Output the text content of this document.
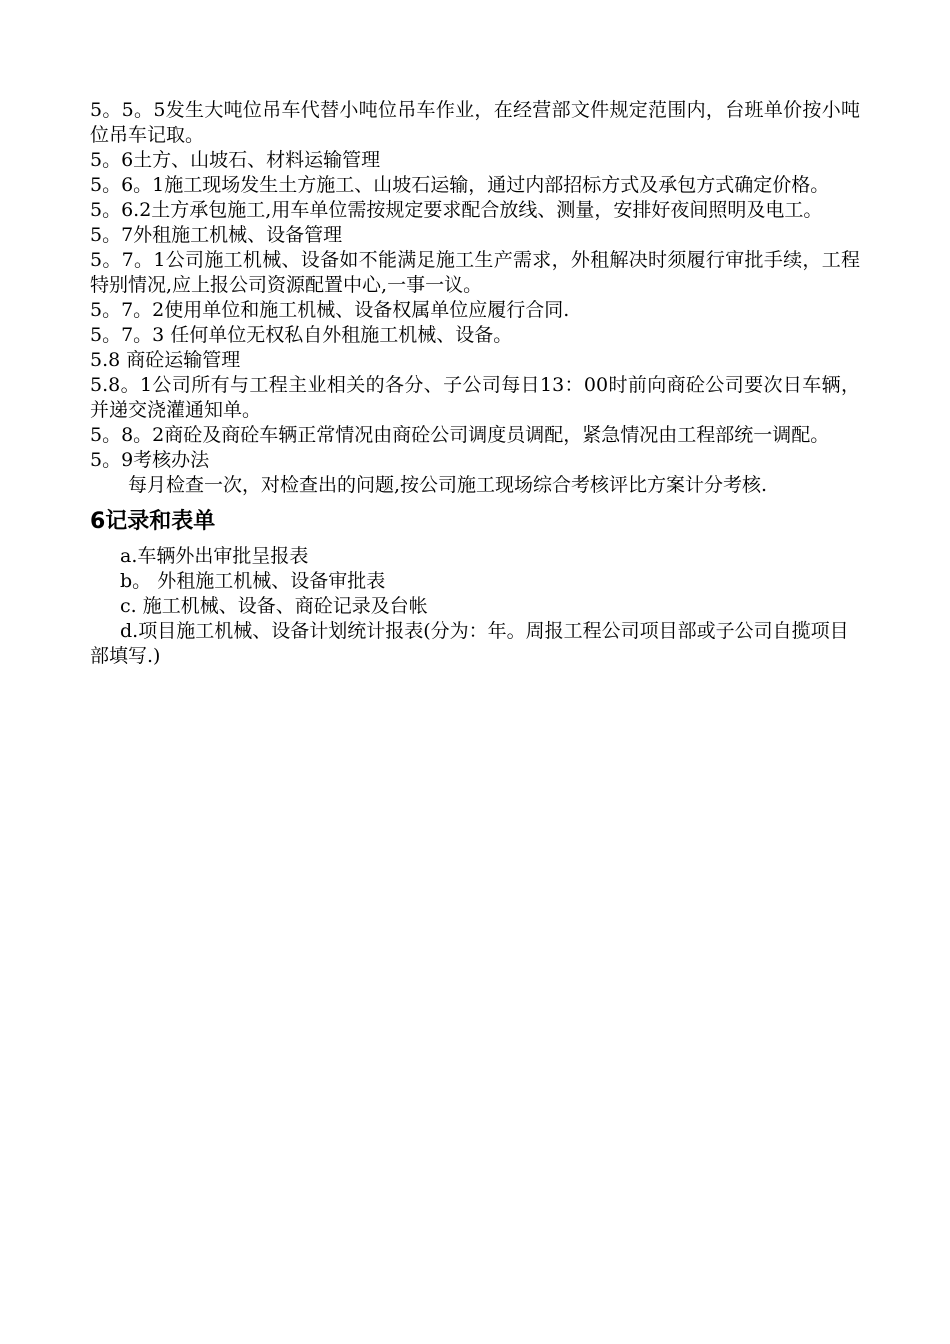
5。5。5发生大吨位吊车代替小吨位吊车作业，在经营部文件规定范围内，台班单价按小吨位吊车记取。

5。6土方、山坡石、材料运输管理

5。6。1施工现场发生土方施工、山坡石运输，通过内部招标方式及承包方式确定价格。

5。6.2土方承包施工,用车单位需按规定要求配合放线、测量，安排好夜间照明及电工。

5。7外租施工机械、设备管理

5。7。1公司施工机械、设备如不能满足施工生产需求，外租解决时须履行审批手续，工程特别情况,应上报公司资源配置中心,一事一议。

5。7。2使用单位和施工机械、设备权属单位应履行合同.

5。7。3 任何单位无权私自外租施工机械、设备。

5.8 商砼运输管理

5.8。1公司所有与工程主业相关的各分、子公司每日13：00时前向商砼公司要次日车辆，并递交浇灌通知单。

5。8。2商砼及商砼车辆正常情况由商砼公司调度员调配，紧急情况由工程部统一调配。

5。9考核办法

每月检查一次，对检查出的问题,按公司施工现场综合考核评比方案计分考核.

6记录和表单

a.车辆外出审批呈报表

b。 外租施工机械、设备审批表

c. 施工机械、设备、商砼记录及台帐

d.项目施工机械、设备计划统计报表(分为：年。周报工程公司项目部或子公司自揽项目部填写.)
